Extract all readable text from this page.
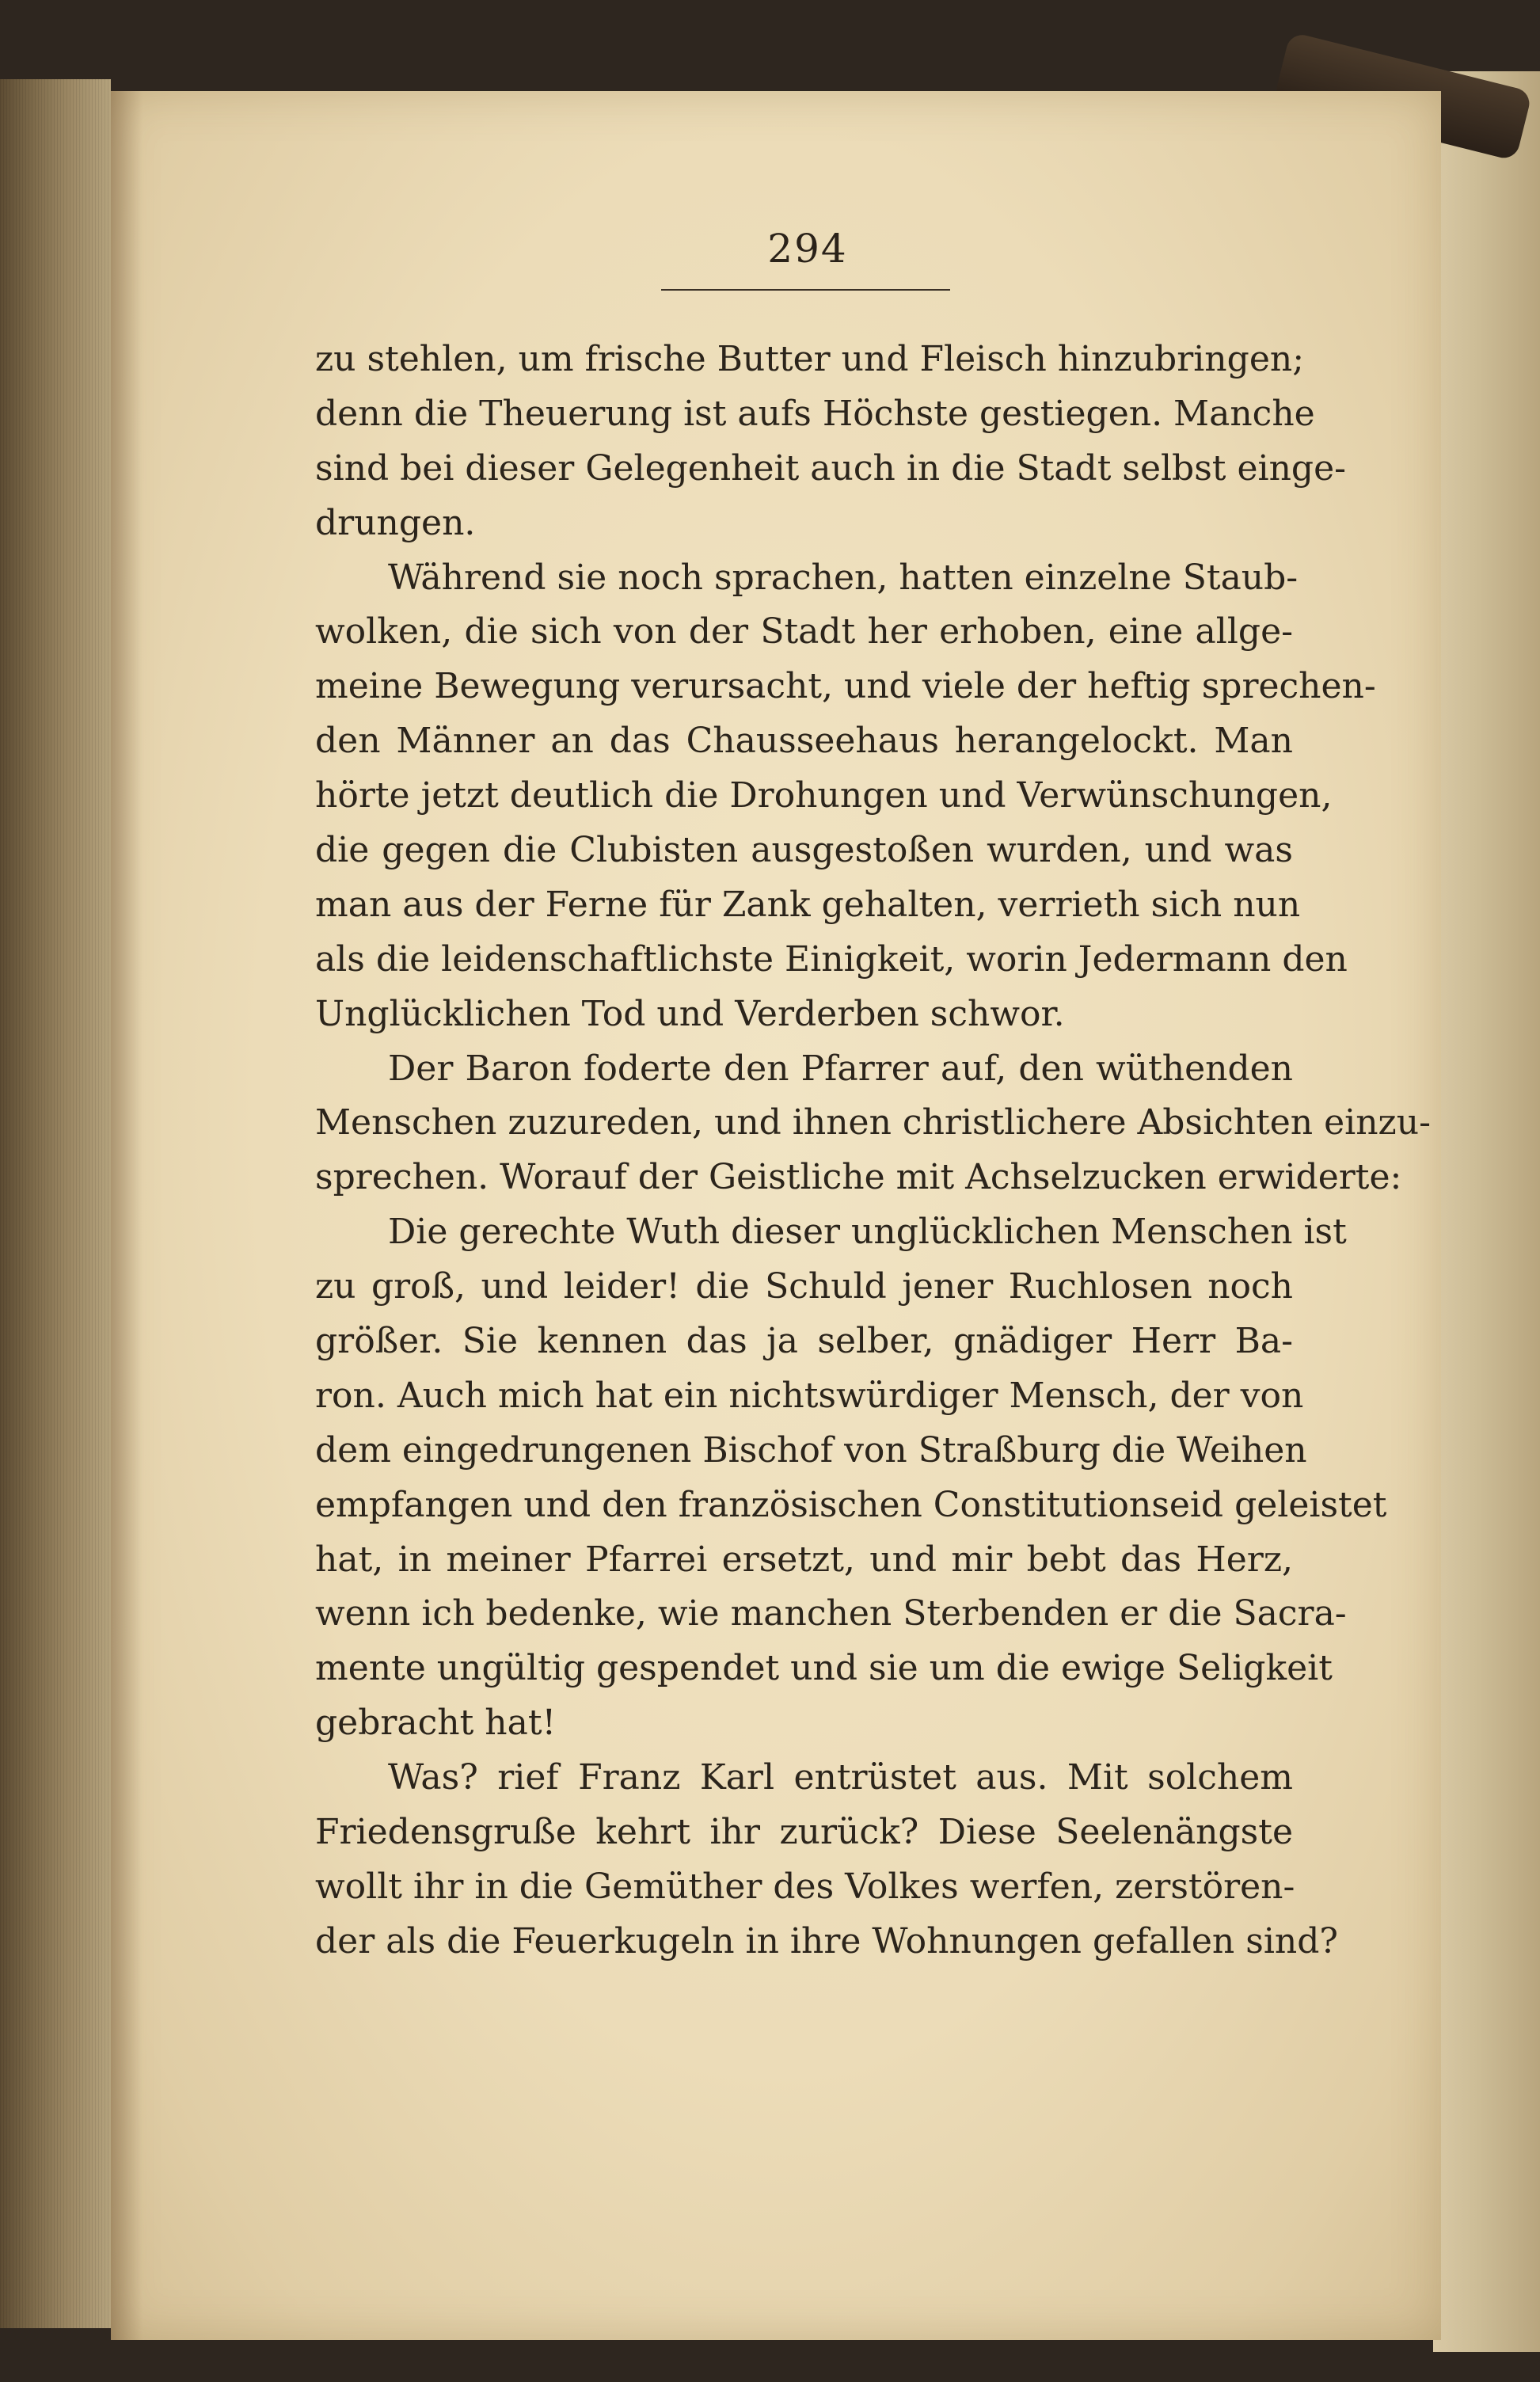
294
zu stehlen, um frische Butter und Fleisch hinzubringen;
denn die Theuerung ist aufs Höchste gestiegen. Manche
sind bei dieser Gelegenheit auch in die Stadt selbst einge-
drungen.
Während sie noch sprachen, hatten einzelne Staub-
wolken, die sich von der Stadt her erhoben, eine allge-
meine Bewegung verursacht, und viele der heftig sprechen-
den Männer an das Chausseehaus herangelockt. Man
hörte jetzt deutlich die Drohungen und Verwünschungen,
die gegen die Clubisten ausgestoßen wurden, und was
man aus der Ferne für Zank gehalten, verrieth sich nun
als die leidenschaftlichste Einigkeit, worin Jedermann den
Unglücklichen Tod und Verderben schwor.
Der Baron foderte den Pfarrer auf, den wüthenden
Menschen zuzureden, und ihnen christlichere Absichten einzu-
sprechen. Worauf der Geistliche mit Achselzucken erwiderte:
Die gerechte Wuth dieser unglücklichen Menschen ist
zu groß, und leider! die Schuld jener Ruchlosen noch
größer. Sie kennen das ja selber, gnädiger Herr Ba-
ron. Auch mich hat ein nichtswürdiger Mensch, der von
dem eingedrungenen Bischof von Straßburg die Weihen
empfangen und den französischen Constitutionseid geleistet
hat, in meiner Pfarrei ersetzt, und mir bebt das Herz,
wenn ich bedenke, wie manchen Sterbenden er die Sacra-
mente ungültig gespendet und sie um die ewige Seligkeit
gebracht hat!
Was? rief Franz Karl entrüstet aus. Mit solchem
Friedensgruße kehrt ihr zurück? Diese Seelenängste
wollt ihr in die Gemüther des Volkes werfen, zerstören-
der als die Feuerkugeln in ihre Wohnungen gefallen sind?
